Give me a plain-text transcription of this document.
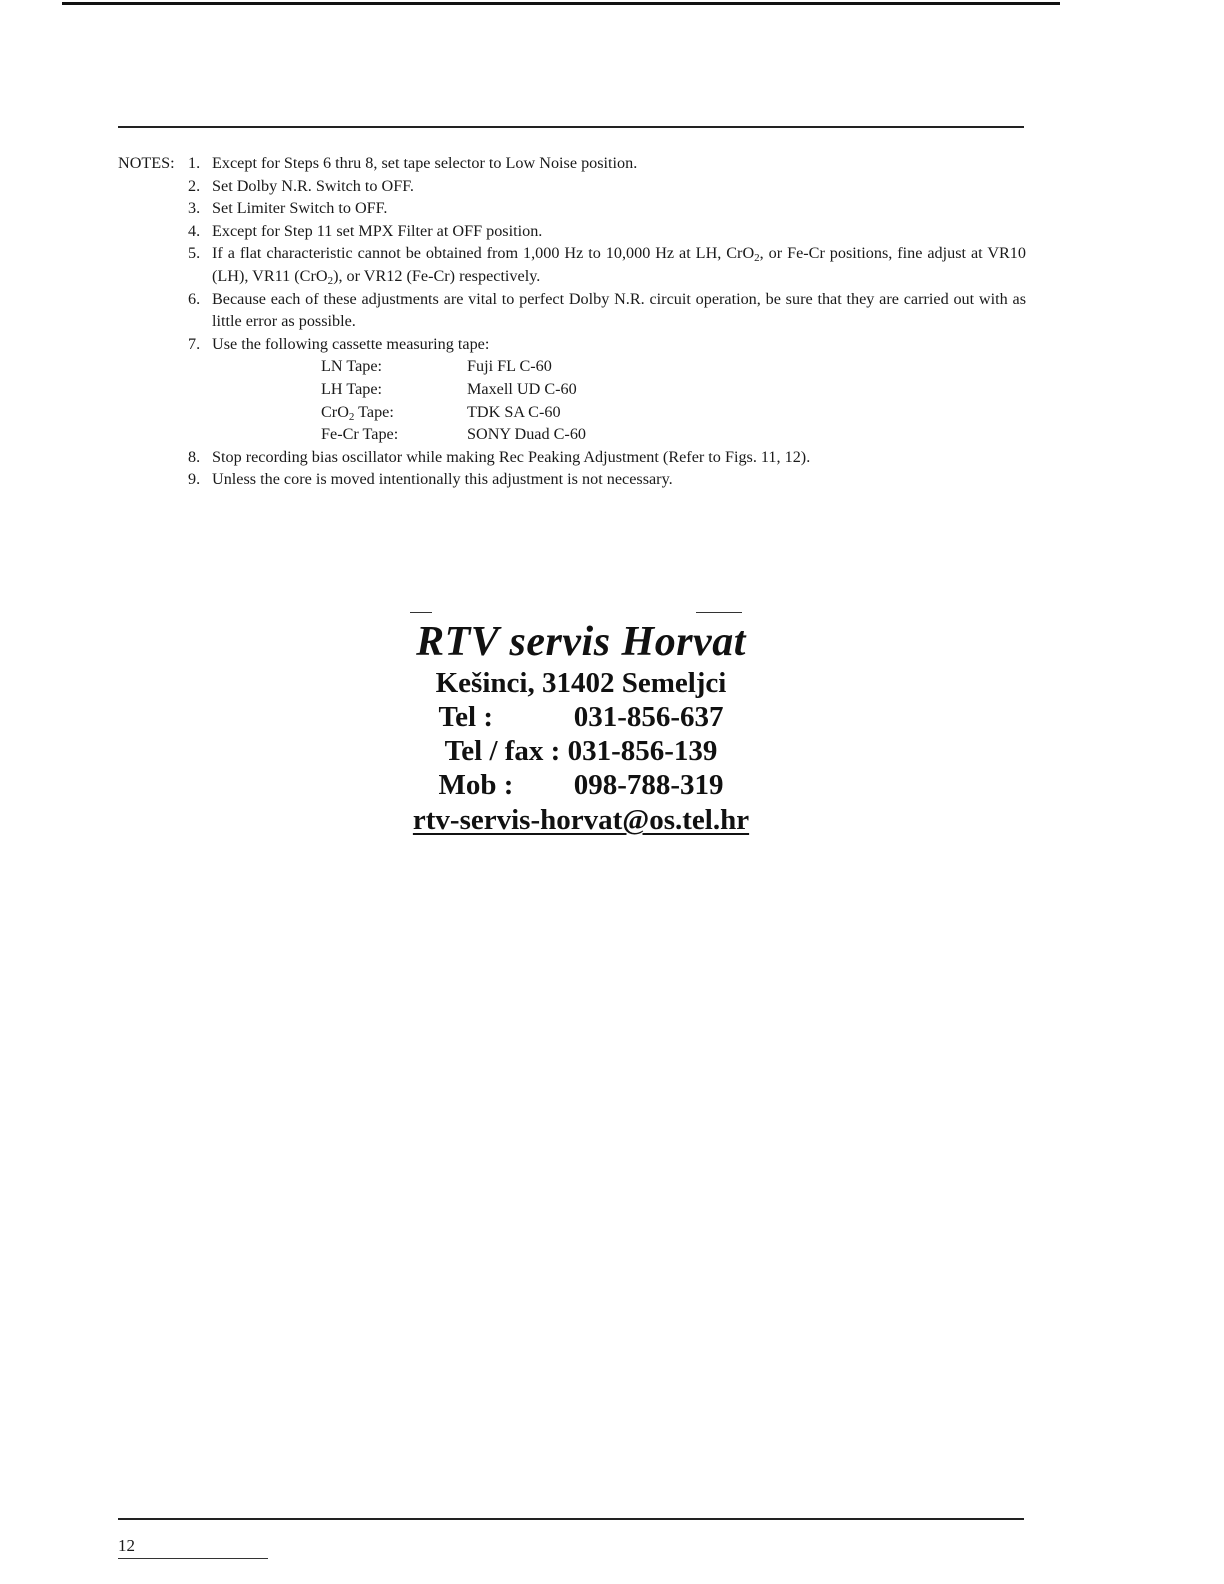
NOTES: 1. Except for Steps 6 thru 8, set tape selector to Low Noise position.
2. Set Dolby N.R. Switch to OFF.
3. Set Limiter Switch to OFF.
4. Except for Step 11 set MPX Filter at OFF position.
5. If a flat characteristic cannot be obtained from 1,000 Hz to 10,000 Hz at LH, CrO$_2$, or Fe-Cr positions, fine adjust at VR10 (LH), VR11 (CrO$_2$), or VR12 (Fe-Cr) respectively.
6. Because each of these adjustments are vital to perfect Dolby N.R. circuit operation, be sure that they are carried out with as little error as possible.
7. Use the following cassette measuring tape:
LN Tape:	Fuji FL C-60
LH Tape:	Maxell UD C-60
CrO$_2$ Tape:	TDK SA C-60
Fe-Cr Tape:	SONY Duad C-60
8. Stop recording bias oscillator while making Rec Peaking Adjustment (Refer to Figs. 11, 12).
9. Unless the core is moved intentionally this adjustment is not necessary.
RTV servis Horvat
Kešinci, 31402 Semeljci
Tel :	031-856-637
Tel / fax : 031-856-139
Mob : 098-788-319
rtv-servis-horvat@os.tel.hr
12
